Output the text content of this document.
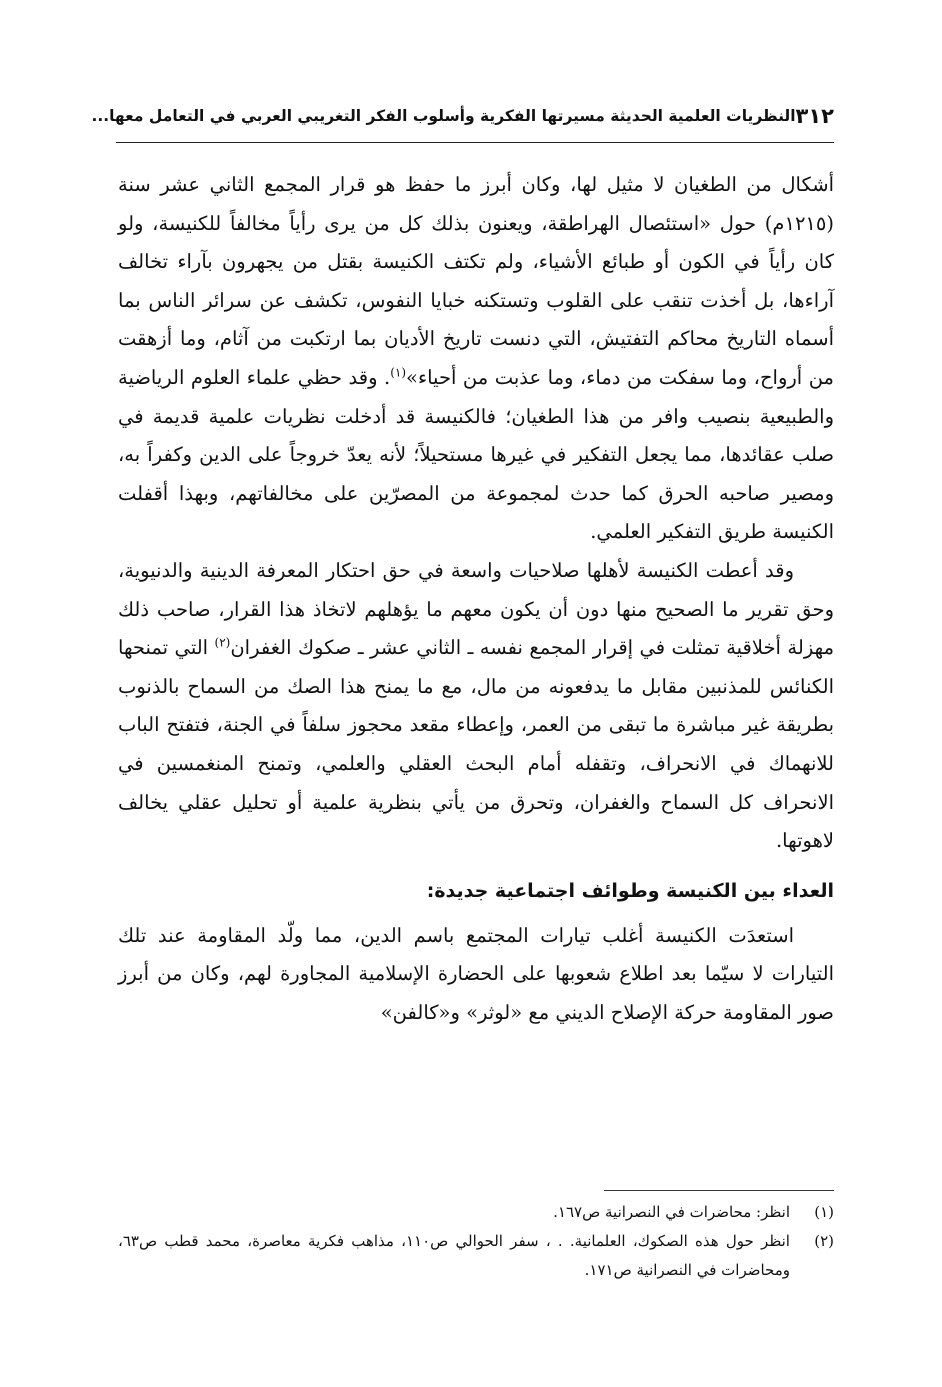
٣١٢
النظريات العلمية الحديثة مسيرتها الفكرية وأسلوب الفكر التغريبي العربي في التعامل معها...

أشكال من الطغيان لا مثيل لها، وكان أبرز ما حفظ هو قرار المجمع الثاني عشر سنة (١٢١٥م) حول «استئصال الهراطقة، ويعنون بذلك كل من يرى رأياً مخالفاً للكنيسة، ولو كان رأياً في الكون أو طبائع الأشياء، ولم تكتف الكنيسة بقتل من يجهرون بآراء تخالف آراءها، بل أخذت تنقب على القلوب وتستكنه خبايا النفوس، تكشف عن سرائر الناس بما أسماه التاريخ محاكم التفتيش، التي دنست تاريخ الأديان بما ارتكبت من آثام، وما أزهقت من أرواح، وما سفكت من دماء، وما عذبت من أحياء»$^{(١)}$. وقد حظي علماء العلوم الرياضية والطبيعية بنصيب وافر من هذا الطغيان؛ فالكنيسة قد أدخلت نظريات علمية قديمة في صلب عقائدها، مما يجعل التفكير في غيرها مستحيلاً؛ لأنه يعدّ خروجاً على الدين وكفراً به، ومصير صاحبه الحرق كما حدث لمجموعة من المصرّين على مخالفاتهم، وبهذا أقفلت الكنيسة طريق التفكير العلمي.

وقد أعطت الكنيسة لأهلها صلاحيات واسعة في حق احتكار المعرفة الدينية والدنيوية، وحق تقرير ما الصحيح منها دون أن يكون معهم ما يؤهلهم لاتخاذ هذا القرار، صاحب ذلك مهزلة أخلاقية تمثلت في إقرار المجمع نفسه ـ الثاني عشر ـ صكوك الغفران$^{(٢)}$ التي تمنحها الكنائس للمذنبين مقابل ما يدفعونه من مال، مع ما يمنح هذا الصك من السماح بالذنوب بطريقة غير مباشرة ما تبقى من العمر، وإعطاء مقعد محجوز سلفاً في الجنة، فتفتح الباب للانهماك في الانحراف، وتقفله أمام البحث العقلي والعلمي، وتمنح المنغمسين في الانحراف كل السماح والغفران، وتحرق من يأتي بنظرية علمية أو تحليل عقلي يخالف لاهوتها.

العداء بين الكنيسة وطوائف اجتماعية جديدة:

استعدَت الكنيسة أغلب تيارات المجتمع باسم الدين، مما ولّد المقاومة عند تلك التيارات لا سيّما بعد اطلاع شعوبها على الحضارة الإسلامية المجاورة لهم، وكان من أبرز صور المقاومة حركة الإصلاح الديني مع «لوثر» و«كالفن»

(١)
انظر: محاضرات في النصرانية ص١٦٧.
(٢)
انظر حول هذه الصكوك، العلمانية. . ، سفر الحوالي ص١١٠، مذاهب فكرية معاصرة، محمد قطب ص٦٣، ومحاضرات في النصرانية ص١٧١.
